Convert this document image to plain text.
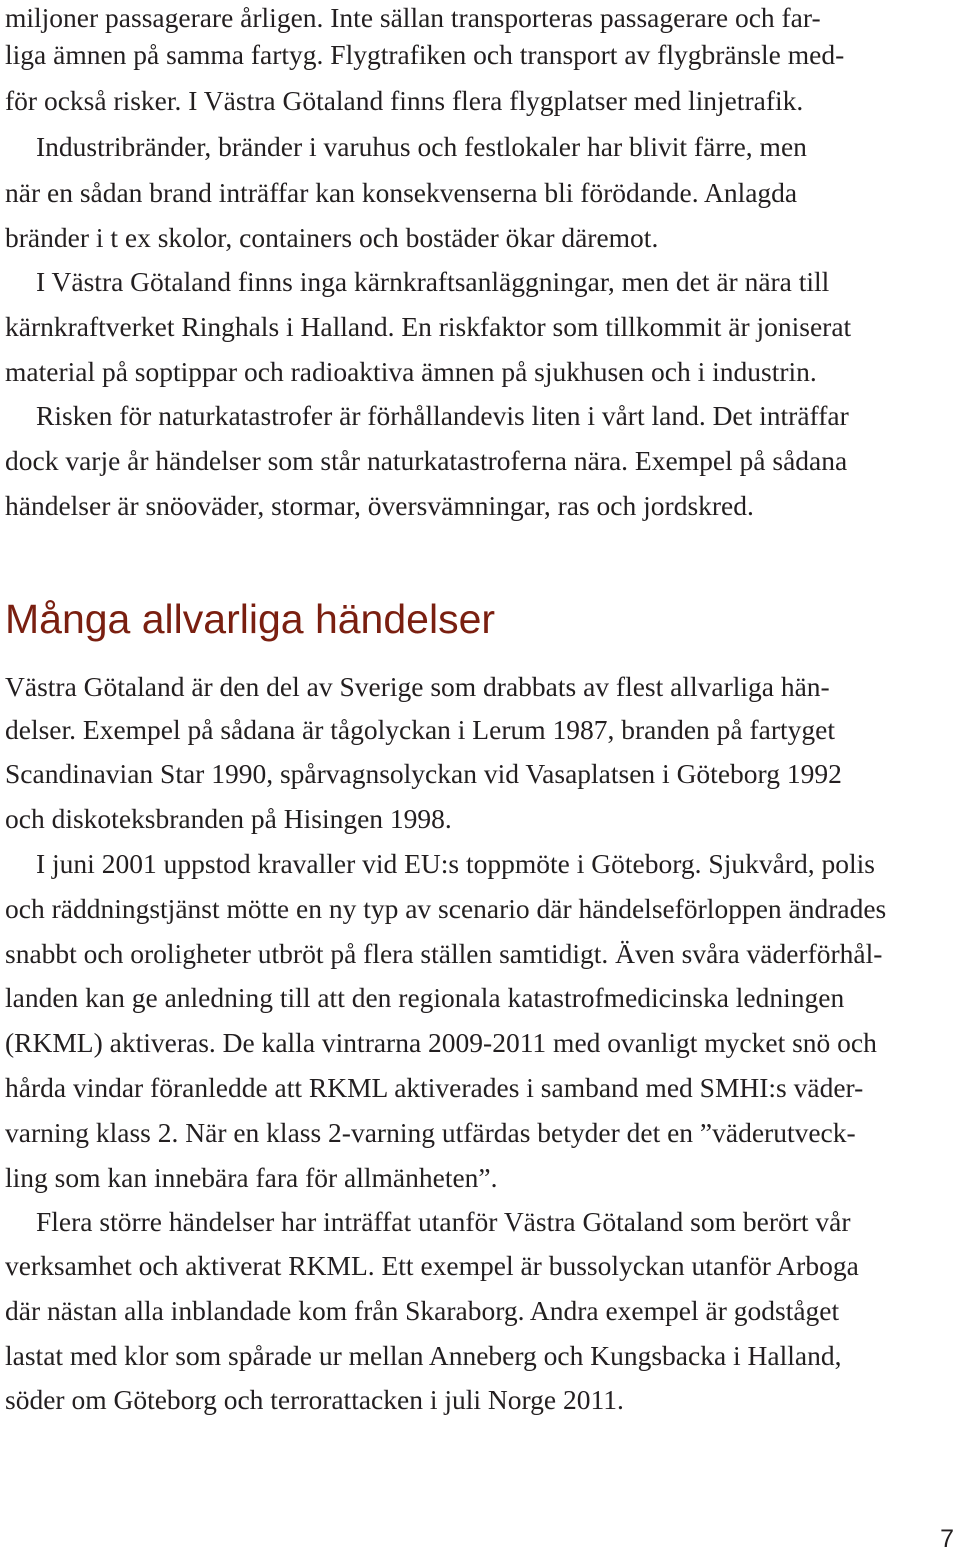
miljoner passagerare årligen. Inte sällan transporteras passagerare och far-
liga ämnen på samma fartyg. Flygtrafiken och transport av flygbränsle med-
för också risker. I Västra Götaland finns flera flygplatser med linjetrafik.
Industribränder, bränder i varuhus och festlokaler har blivit färre, men
när en sådan brand inträffar kan konsekvenserna bli förödande. Anlagda
bränder i t ex skolor, containers och bostäder ökar däremot.
I Västra Götaland finns inga kärnkraftsanläggningar, men det är nära till
kärnkraftverket Ringhals i Halland. En riskfaktor som tillkommit är joniserat
material på soptippar och radioaktiva ämnen på sjukhusen och i industrin.
Risken för naturkatastrofer är förhållandevis liten i vårt land. Det inträffar
dock varje år händelser som står naturkatastroferna nära. Exempel på sådana
händelser är snöoväder, stormar, översvämningar, ras och jordskred.
Många allvarliga händelser
Västra Götaland är den del av Sverige som drabbats av flest allvarliga hän-
delser. Exempel på sådana är tågolyckan i Lerum 1987, branden på fartyget
Scandinavian Star 1990, spårvagnsolyckan vid Vasaplatsen i Göteborg 1992
och diskoteksbranden på Hisingen 1998.
I juni 2001 uppstod kravaller vid EU:s toppmöte i Göteborg. Sjukvård, polis
och räddningstjänst mötte en ny typ av scenario där händelseförloppen ändrades
snabbt och oroligheter utbröt på flera ställen samtidigt. Även svåra väderförhål-
landen kan ge anledning till att den regionala katastrofmedicinska ledningen
(RKML) aktiveras. De kalla vintrarna 2009-2011 med ovanligt mycket snö och
hårda vindar föranledde att RKML aktiverades i samband med SMHI:s väder-
varning klass 2. När en klass 2-varning utfärdas betyder det en ”väderutveck-
ling som kan innebära fara för allmänheten”.
Flera större händelser har inträffat utanför Västra Götaland som berört vår
verksamhet och aktiverat RKML. Ett exempel är bussolyckan utanför Arboga
där nästan alla inblandade kom från Skaraborg. Andra exempel är godståget
lastat med klor som spårade ur mellan Anneberg och Kungsbacka i Halland,
söder om Göteborg och terrorattacken i juli Norge 2011.
7
